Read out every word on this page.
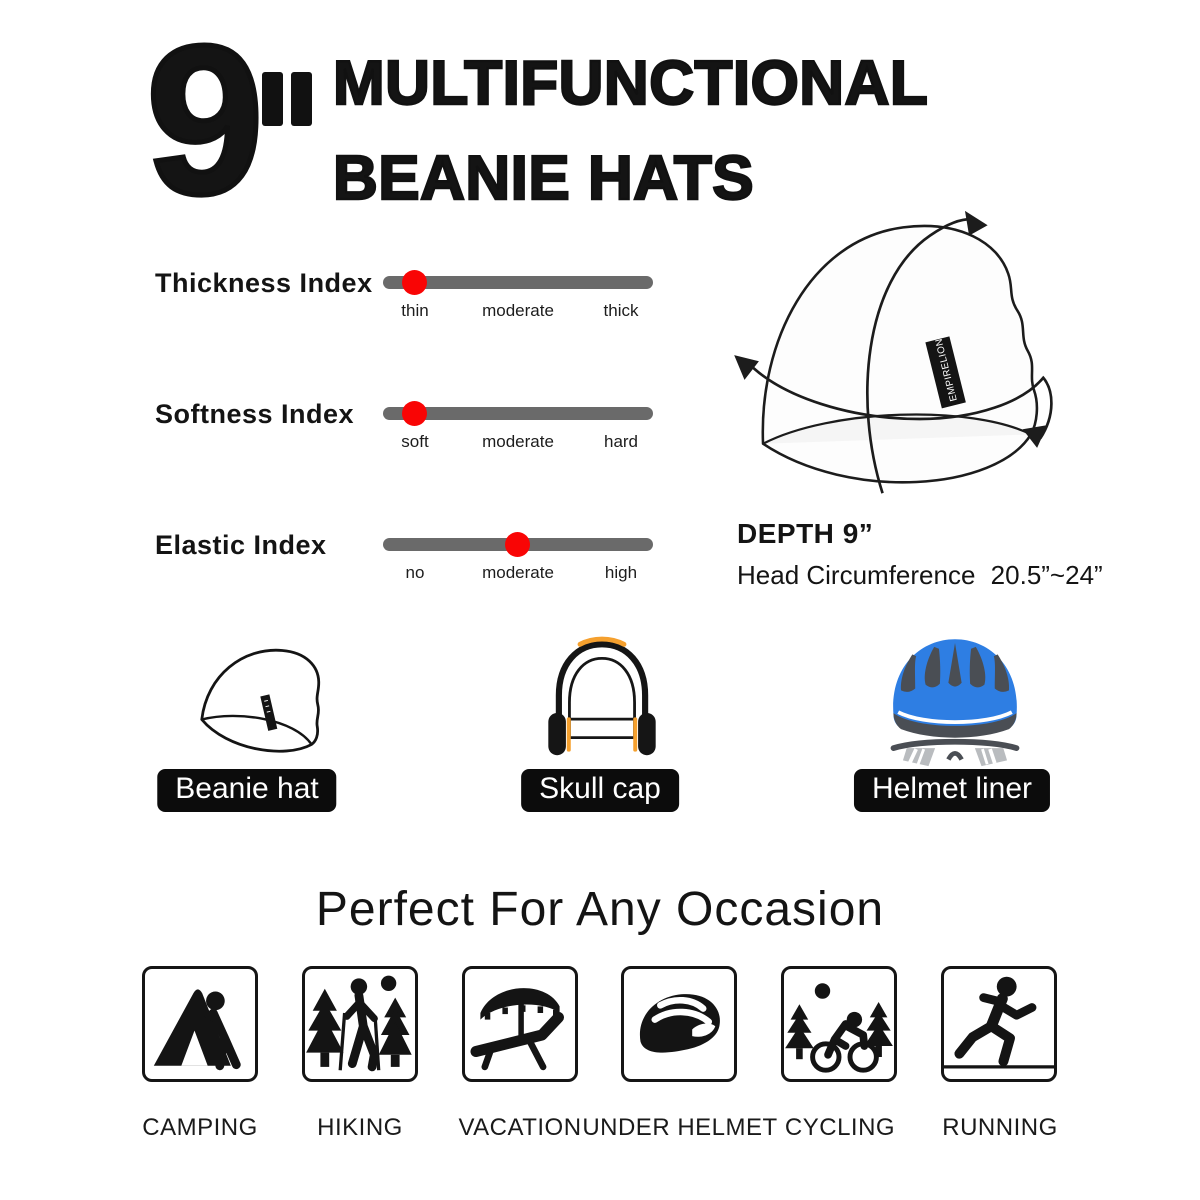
9 MULTIFUNCTIONAL
BEANIE HATS
Thickness Index
thin	moderate	thick
Softness Index
soft	moderate	hard
Elastic Index
no	moderate	high
EMPIRELION
DEPTH 9”
Head Circumference 20.5”~24”
Beanie hat	Skull cap	Helmet liner
Perfect For Any Occasion
CAMPING	HIKING	VACATION UNDER HELMET CYCLING	RUNNING
